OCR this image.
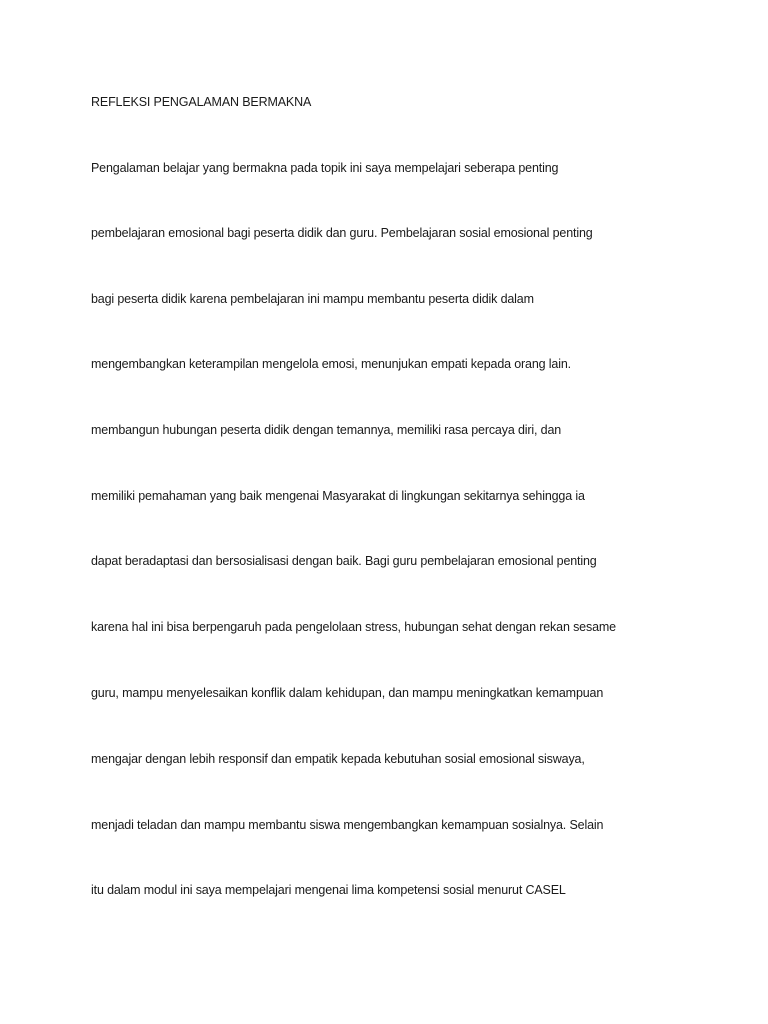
REFLEKSI PENGALAMAN BERMAKNA

Pengalaman belajar yang bermakna pada topik ini saya mempelajari seberapa penting

pembelajaran emosional bagi peserta didik dan guru. Pembelajaran sosial emosional penting

bagi peserta didik karena pembelajaran ini mampu membantu peserta didik dalam

mengembangkan keterampilan mengelola emosi, menunjukan empati kepada orang lain.

membangun hubungan peserta didik dengan temannya, memiliki rasa percaya diri, dan

memiliki pemahaman yang baik mengenai Masyarakat di lingkungan sekitarnya sehingga ia

dapat beradaptasi dan bersosialisasi dengan baik. Bagi guru pembelajaran emosional penting

karena hal ini bisa berpengaruh pada pengelolaan stress, hubungan sehat dengan rekan sesame

guru, mampu menyelesaikan konflik dalam kehidupan, dan mampu meningkatkan kemampuan

mengajar dengan lebih responsif dan empatik kepada kebutuhan sosial emosional siswaya,

menjadi teladan dan mampu membantu siswa mengembangkan kemampuan sosialnya. Selain

itu dalam modul ini saya mempelajari mengenai lima kompetensi sosial menurut CASEL
